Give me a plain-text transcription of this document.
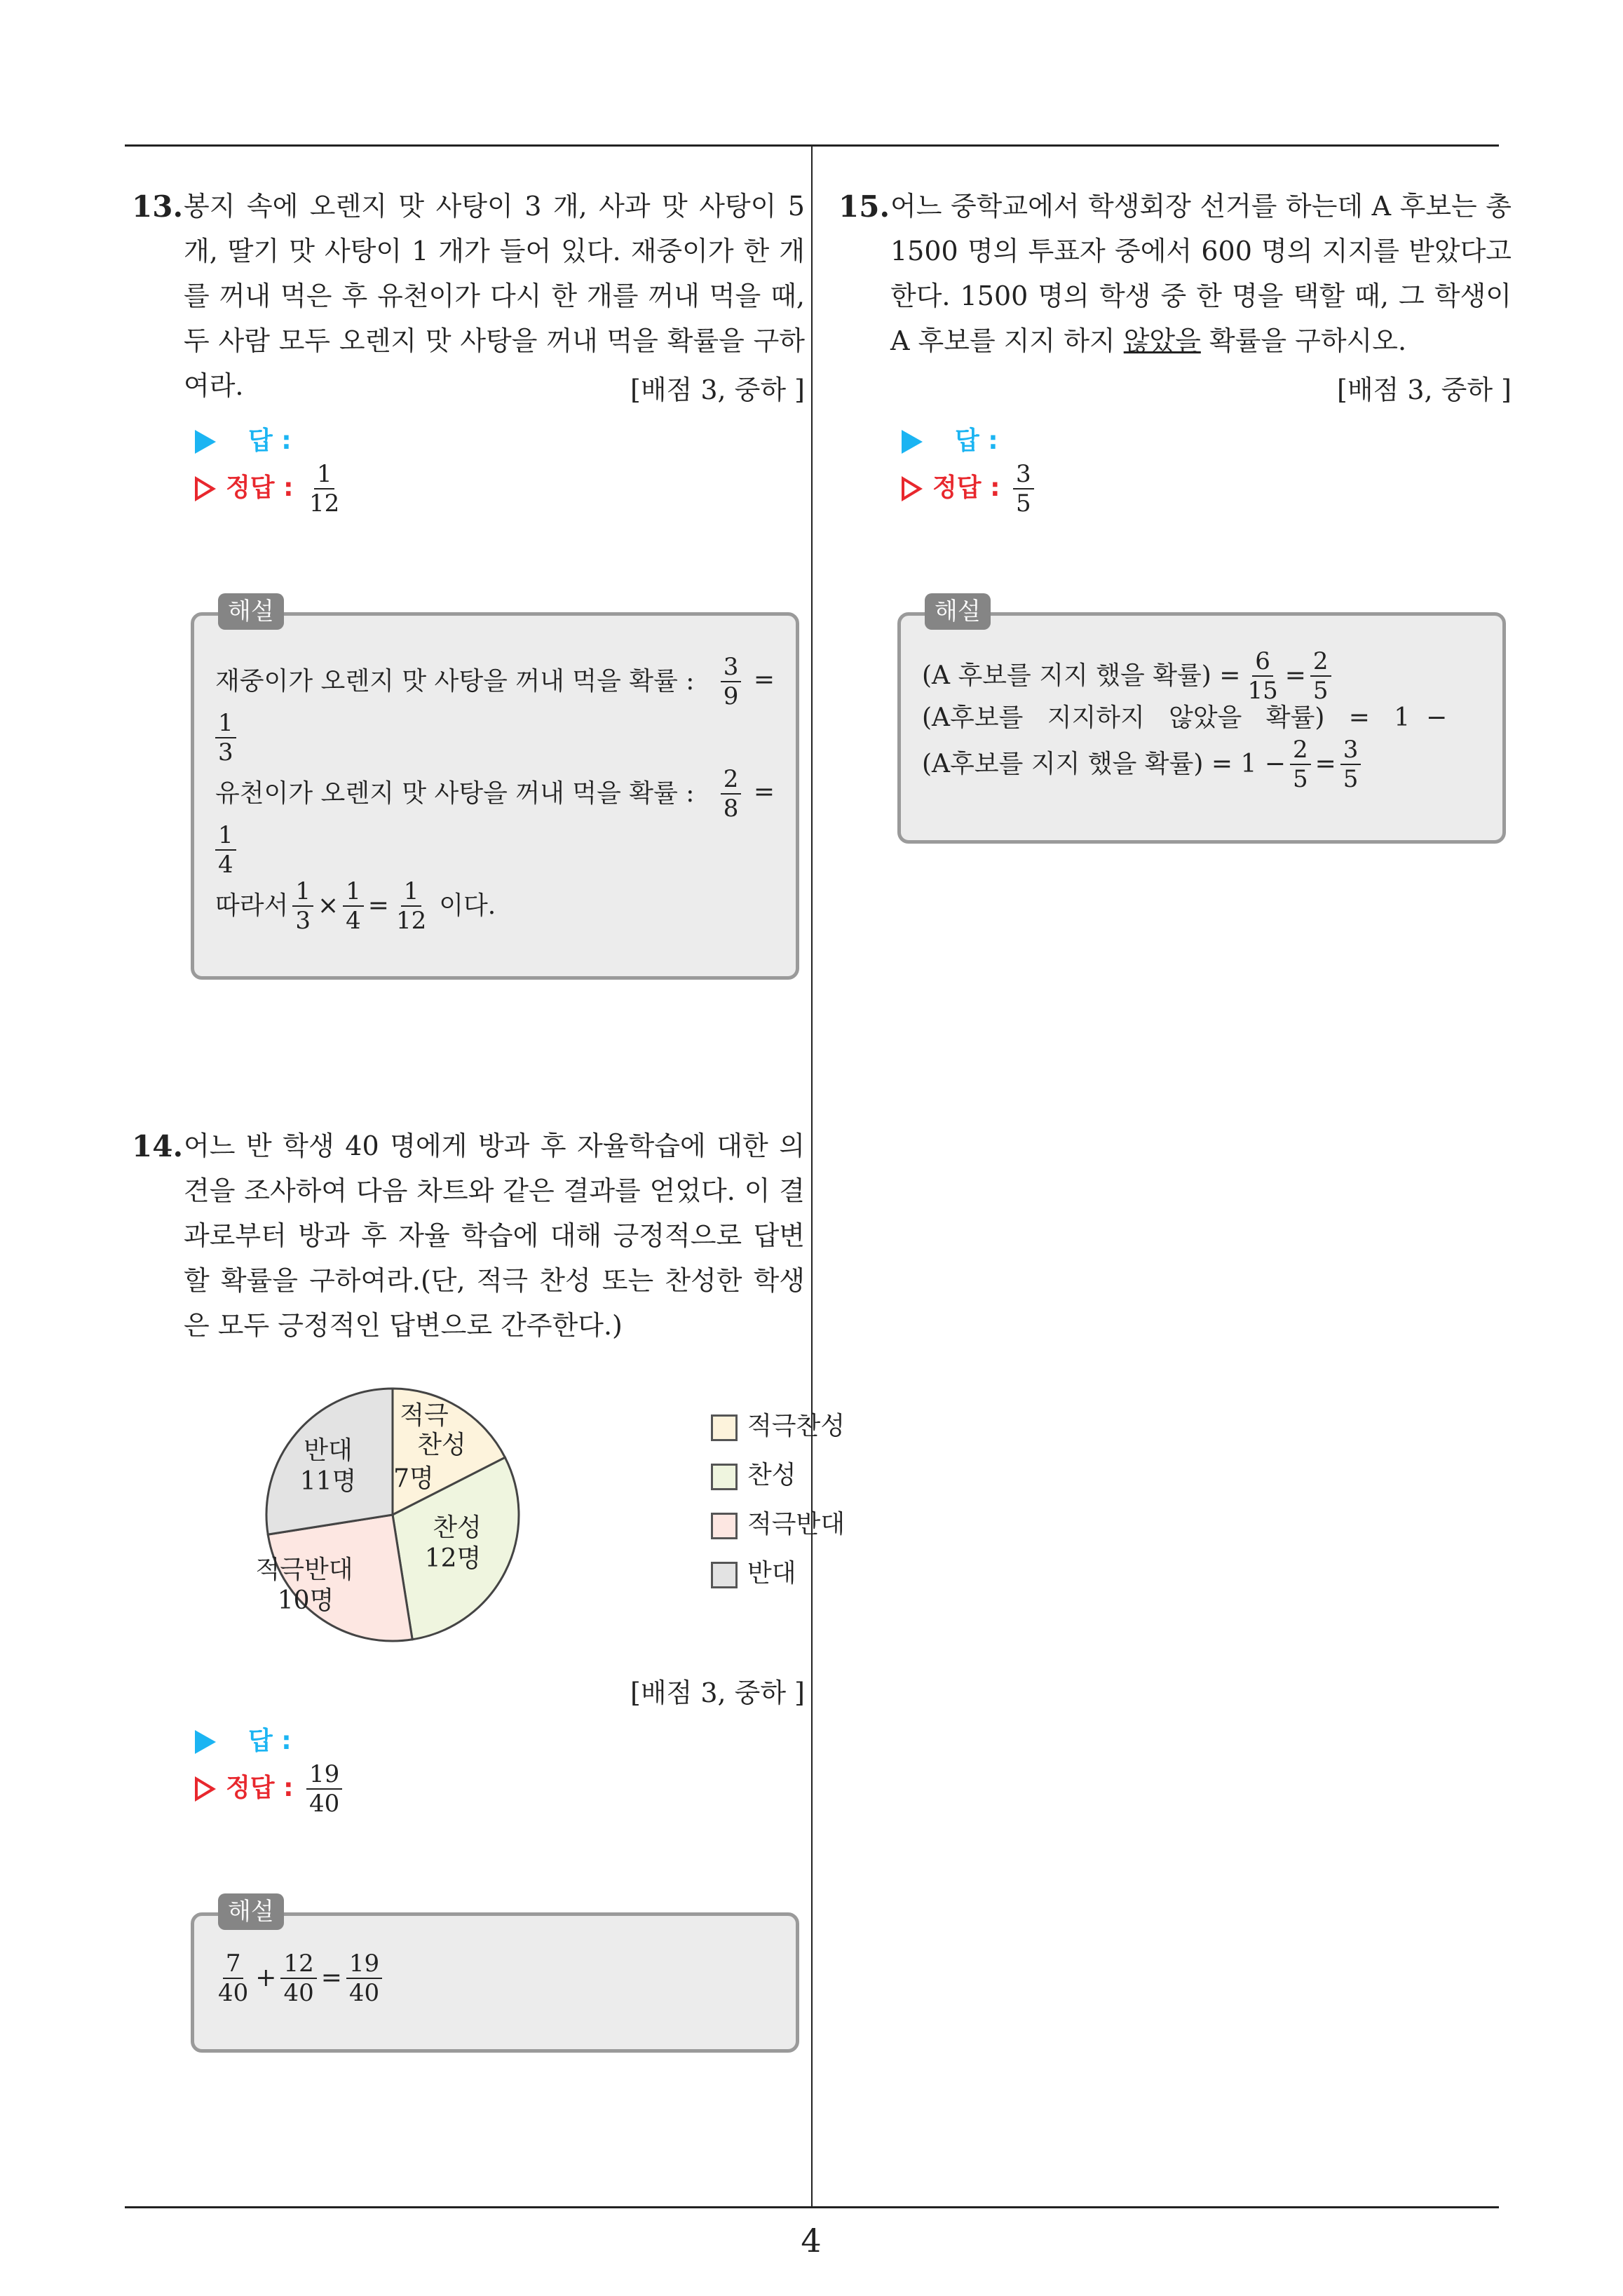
13. 봉지 속에 오렌지 맛 사탕이 3 개, 사과 맛 사탕이 5 개, 딸기 맛 사탕이 1 개가 들어 있다. 재중이가 한 개를 꺼내 먹은 후 유천이가 다시 한 개를 꺼내 먹을 때, 두 사람 모두 오렌지 맛 사탕을 꺼내 먹을 확률을 구하여라.	[배점 3, 중하 ]
답 :
정답 : $\frac{1}{12}$
해설
재중이가 오렌지 맛 사탕을 꺼내 먹을 확률 : $\frac{3}{9}$ =
$\frac{1}{3}$
유천이가 오렌지 맛 사탕을 꺼내 먹을 확률 : $\frac{2}{8}$ =
$\frac{1}{4}$
따라서 $\frac{1}{3} \times \frac{1}{4} = \frac{1}{12}$ 이다.
14. 어느 반 학생 40 명에게 방과 후 자율학습에 대한 의견을 조사하여 다음 차트와 같은 결과를 얻었다. 이 결과로부터 방과 후 자율 학습에 대해 긍정적으로 답변할 확률을 구하여라.(단, 적극 찬성 또는 찬성한 학생은 모두 긍정적인 답변으로 간주한다.)
적극
찬성
7명
찬성
12명
적극반대
10명
반대
11명
적극찬성
찬성
적극반대
반대
[배점 3, 중하 ]
답 :
정답 : $\frac{19}{40}$
해설
$\frac{7}{40} + \frac{12}{40} = \frac{19}{40}$
15. 어느 중학교에서 학생회장 선거를 하는데 A 후보는 총 1500 명의 투표자 중에서 600 명의 지지를 받았다고 한다. 1500 명의 학생 중 한 명을 택할 때, 그 학생이 A 후보를 지지 하지 않았을 확률을 구하시오.
[배점 3, 중하 ]
답 :
정답 : $\frac{3}{5}$
해설
(A 후보를 지지 했을 확률) = $\frac{6}{15} = \frac{2}{5}$
(A후보를   지지하지   않았을   확률)   =   1  −
(A후보를 지지 했을 확률) = $1 - \frac{2}{5} = \frac{3}{5}$
4
